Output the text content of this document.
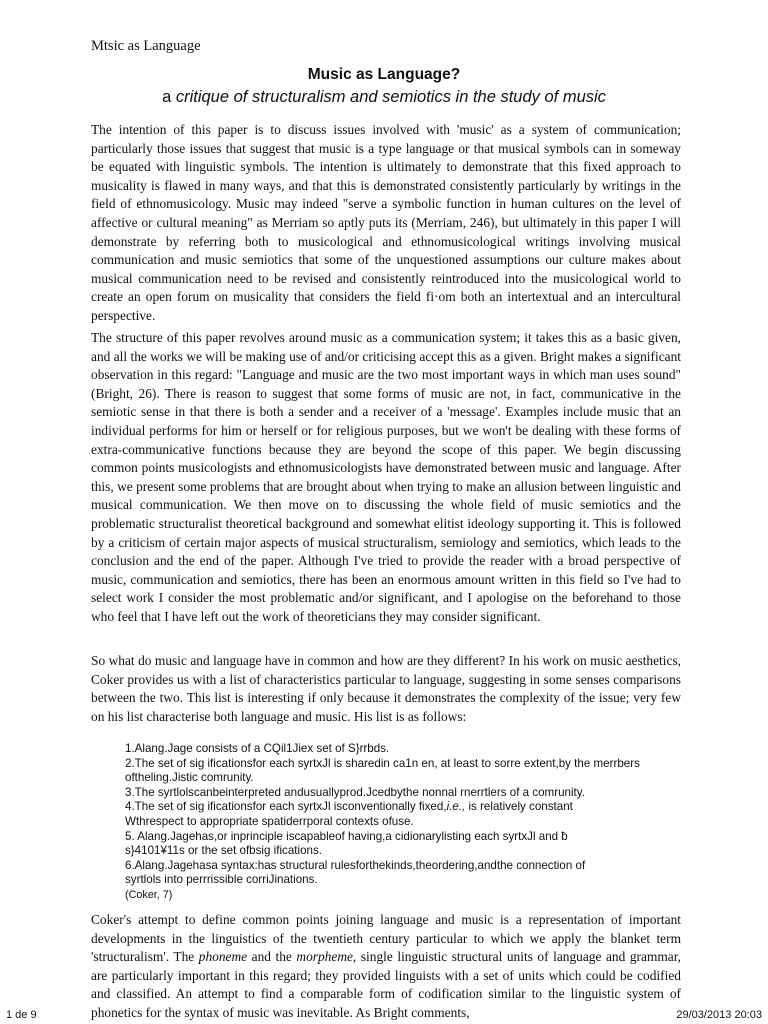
Mtsic as Language
Music as Language?
a critique of structuralism and semiotics in the study of music

The intention of this paper is to discuss issues involved with 'music' as a system of communication; particularly those issues that suggest that music is a type language or that musical symbols can in someway be equated with linguistic symbols. The intention is ultimately to demonstrate that this fixed approach to musicality is flawed in many ways, and that this is demonstrated consistently particularly by writings in the field of ethnomusicology. Music may indeed "serve a symbolic function in human cultures on the level of affective or cultural meaning" as Merriam so aptly puts its (Merriam, 246), but ultimately in this paper I will demonstrate by referring both to musicological and ethnomusicological writings involving musical communication and music semiotics that some of the unquestioned assumptions our culture makes about musical communication need to be revised and consistently reintroduced into the musicological world to create an open forum on musicality that considers the field fi·om both an intertextual and an intercultural perspective.

The structure of this paper revolves around music as a communication system; it takes this as a basic given, and all the works we will be making use of and/or criticising accept this as a given. Bright makes a significant observation in this regard: "Language and music are the two most important ways in which man uses sound" (Bright, 26). There is reason to suggest that some forms of music are not, in fact, communicative in the semiotic sense in that there is both a sender and a receiver of a 'message'. Examples include music that an individual performs for him or herself or for religious purposes, but we won't be dealing with these forms of extra-communicative functions because they are beyond the scope of this paper. We begin discussing common points musicologists and ethnomusicologists have demonstrated between music and language. After this, we present some problems that are brought about when trying to make an allusion between linguistic and musical communication. We then move on to discussing the whole field of music semiotics and the problematic structuralist theoretical background and somewhat elitist ideology supporting it. This is followed by a criticism of certain major aspects of musical structuralism, semiology and semiotics, which leads to the conclusion and the end of the paper. Although I've tried to provide the reader with a broad perspective of music, communication and semiotics, there has been an enormous amount written in this field so I've had to select work I consider the most problematic and/or significant, and I apologise on the beforehand to those who feel that I have left out the work of theoreticians they may consider significant.

So what do music and language have in common and how are they different? In his work on music aesthetics, Coker provides us with a list of characteristics particular to language, suggesting in some senses comparisons between the two. This list is interesting if only because it demonstrates the complexity of the issue; very few on his list characterise both language and music. His list is as follows:

1.Alang.Jage consists of a CQil1Jiex set of S}rrbds.
2.The set of sig ificationsfor each syrtxJl is sharedin ca1n en, at least to sorre extent,by the merrbers
oftheling.Jistic comrunity.
3.The syrtlolscanbeinterpreted andusuallyprod.Jcedbythe nonnal rnerrtlers of a comrunity.
4.The set of sig ificationsfor each syrtxJl isconventionally fixed,i.e., is relatively constant
Wthrespect to appropriate spatiderrporal contexts ofuse.
5. Alang.Jagehas,or inprinciple iscapableof having,a cidionarylisting each syrtxJl and ƀ
s}4101¥11s or the set ofbsig ifications.
6.Alang.Jagehasa syntax:has structural rulesforthekinds,theordering,andthe connection of
syrtlols into perrrissible corriJinations.
(Coker, 7)

Coker's attempt to define common points joining language and music is a representation of important developments in the linguistics of the twentieth century particular to which we apply the blanket term 'structuralism'. The phoneme and the morpheme, single linguistic structural units of language and grammar, are particularly important in this regard; they provided linguists with a set of units which could be codified and classified. An attempt to find a comparable form of codification similar to the linguistic system of phonetics for the syntax of music was inevitable. As Bright comments,

1 de 9	29/03/2013 20:03
